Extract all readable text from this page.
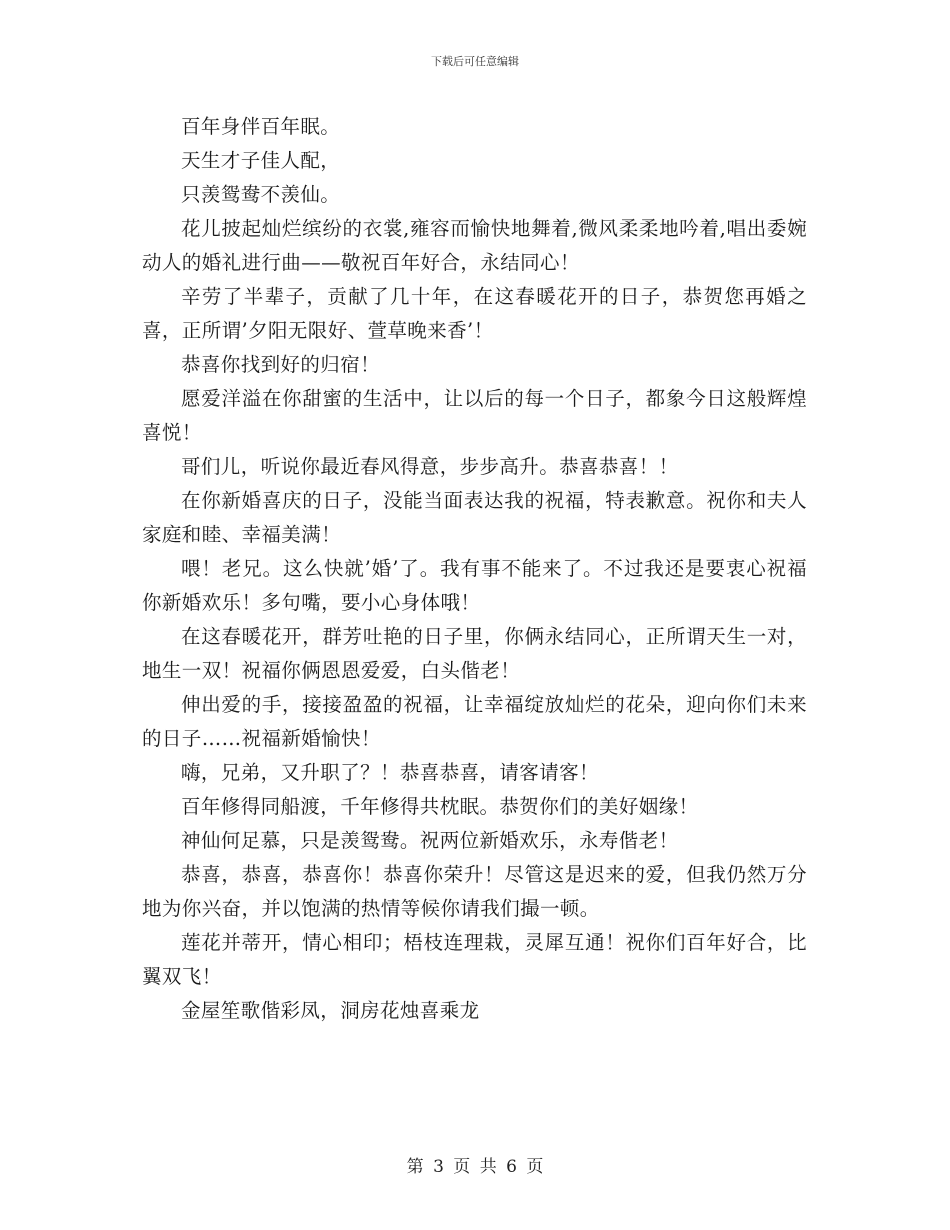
下载后可任意编辑

百年身伴百年眠。

天生才子佳人配，

只羡鸳鸯不羡仙。

花儿披起灿烂缤纷的衣裳,雍容而愉快地舞着,微风柔柔地吟着,唱出委婉动人的婚礼进行曲——敬祝百年好合，永结同心！

辛劳了半辈子，贡献了几十年，在这春暖花开的日子，恭贺您再婚之喜，正所谓’夕阳无限好、萱草晚来香’！

恭喜你找到好的归宿！

愿爱洋溢在你甜蜜的生活中，让以后的每一个日子，都象今日这般辉煌喜悦！

哥们儿，听说你最近春风得意，步步高升。恭喜恭喜！！

在你新婚喜庆的日子，没能当面表达我的祝福，特表歉意。祝你和夫人家庭和睦、幸福美满！

喂！老兄。这么快就’婚’了。我有事不能来了。不过我还是要衷心祝福你新婚欢乐！多句嘴，要小心身体哦！

在这春暖花开，群芳吐艳的日子里，你俩永结同心，正所谓天生一对，地生一双！祝福你俩恩恩爱爱，白头偕老！

伸出爱的手，接接盈盈的祝福，让幸福绽放灿烂的花朵，迎向你们未来的日子……祝福新婚愉快！

嗨，兄弟，又升职了？！恭喜恭喜，请客请客！

百年修得同船渡，千年修得共枕眠。恭贺你们的美好姻缘！

神仙何足慕，只是羡鸳鸯。祝两位新婚欢乐，永寿偕老！

恭喜，恭喜，恭喜你！恭喜你荣升！尽管这是迟来的爱，但我仍然万分地为你兴奋，并以饱满的热情等候你请我们撮一顿。

莲花并蒂开，情心相印；梧枝连理栽，灵犀互通！祝你们百年好合，比翼双飞！

金屋笙歌偕彩凤，洞房花烛喜乘龙

第 3 页 共 6 页
